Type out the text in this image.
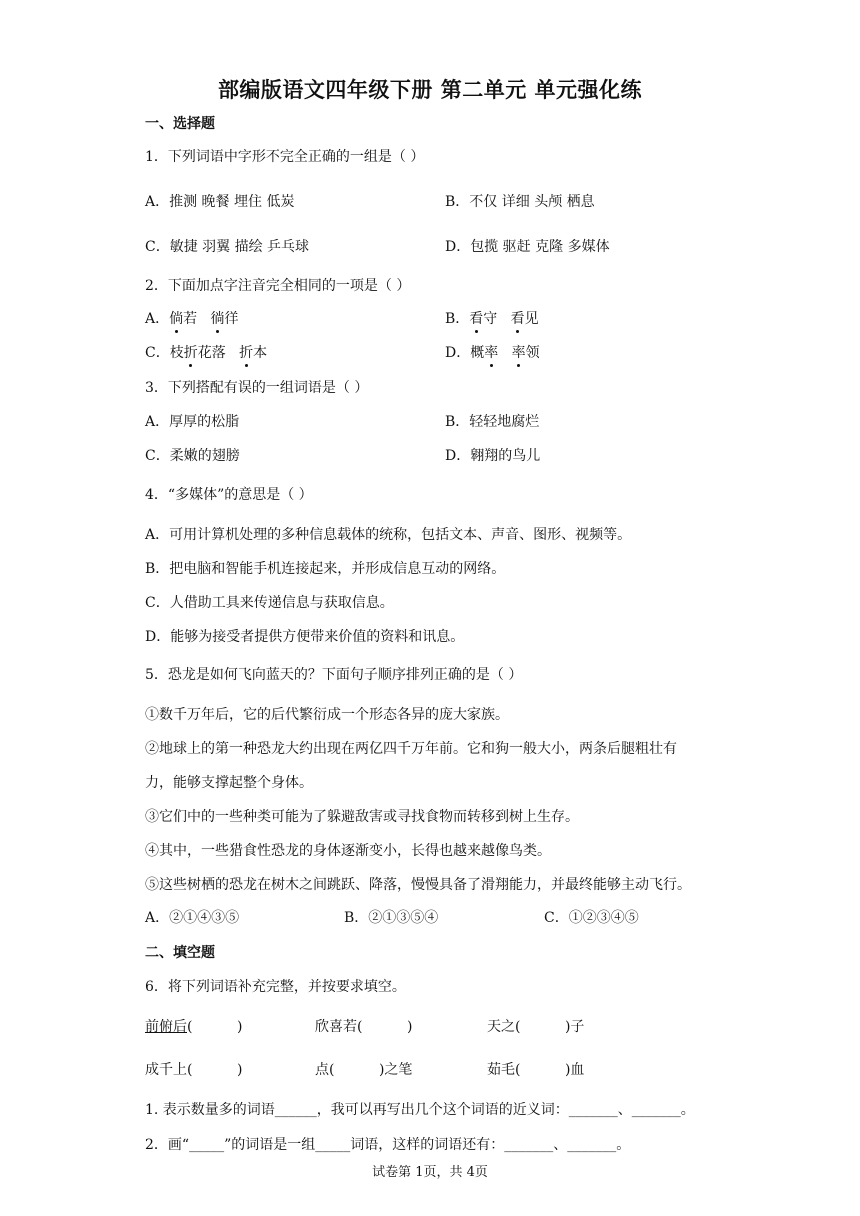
部编版语文四年级下册 第二单元 单元强化练
一、选择题
1．下列词语中字形不完全正确的一组是（ ）
A．推测 晚餐 埋住 低炭	B．不仅 详细 头颅 栖息
C．敏捷 羽翼 描绘 乒乓球	D．包揽 驱赶 克隆 多媒体
2．下面加点字注音完全相同的一项是（ ）
A．倘若   徜徉	B．看守   看见
C．枝折花落   折本	D．概率 率领
3．下列搭配有误的一组词语是（ ）
A．厚厚的松脂	B．轻轻地腐烂
C．柔嫩的翅膀	D．翱翔的鸟儿
4．“多媒体”的意思是（ ）
A．可用计算机处理的多种信息载体的统称，包括文本、声音、图形、视频等。
B．把电脑和智能手机连接起来，并形成信息互动的网络。
C．人借助工具来传递信息与获取信息。
D．能够为接受者提供方便带来价值的资料和讯息。
5．恐龙是如何飞向蓝天的？下面句子顺序排列正确的是（ ）
①数千万年后，它的后代繁衍成一个形态各异的庞大家族。
②地球上的第一种恐龙大约出现在两亿四千万年前。它和狗一般大小，两条后腿粗壮有
力，能够支撑起整个身体。
③它们中的一些种类可能为了躲避敌害或寻找食物而转移到树上生存。
④其中，一些猎食性恐龙的身体逐渐变小，长得也越来越像鸟类。
⑤这些树栖的恐龙在树木之间跳跃、降落，慢慢具备了滑翔能力，并最终能够主动飞行。
A．②①④③⑤	B．②①③⑤④	C．①②③④⑤
二、填空题
6．将下列词语补充完整，并按要求填空。
前俯后(          )	欣喜若(          )	天之(          )子
成千上(          )	点(          )之笔	茹毛(          )血
1. 表示数量多的词语______，我可以再写出几个这个词语的近义词：_______、_______。
2．画“_____”的词语是一组_____词语，这样的词语还有：_______、_______。
试卷第 1页，共 4页
